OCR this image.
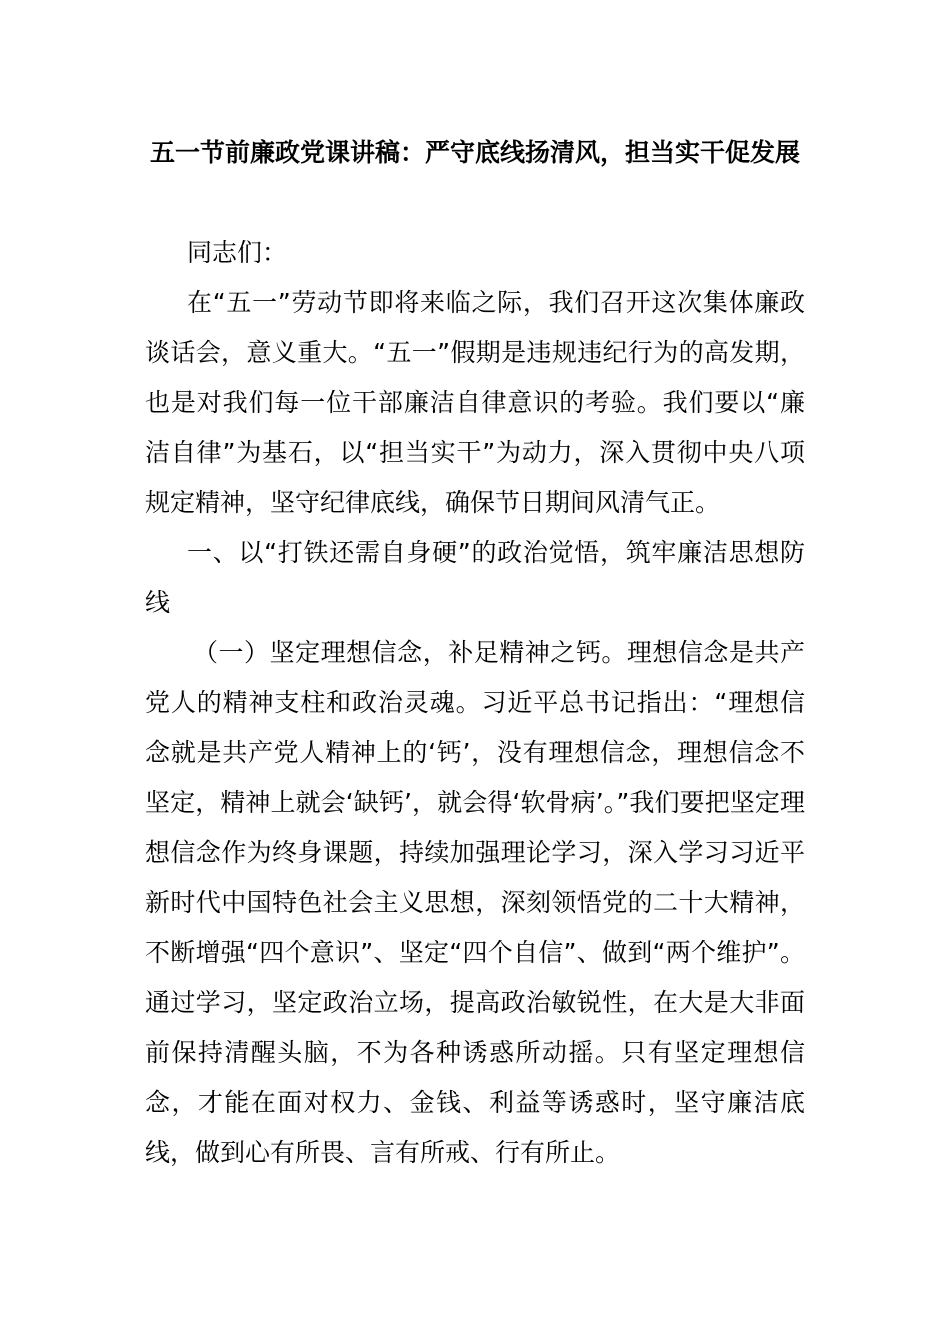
五一节前廉政党课讲稿：严守底线扬清风，担当实干促发展

同志们：

在“五一”劳动节即将来临之际，我们召开这次集体廉政谈话会，意义重大。“五一”假期是违规违纪行为的高发期，也是对我们每一位干部廉洁自律意识的考验。我们要以“廉洁自律”为基石，以“担当实干”为动力，深入贯彻中央八项规定精神，坚守纪律底线，确保节日期间风清气正。

一、以“打铁还需自身硬”的政治觉悟，筑牢廉洁思想防线

（一）坚定理想信念，补足精神之钙。理想信念是共产党人的精神支柱和政治灵魂。习近平总书记指出：“理想信念就是共产党人精神上的‘钙’，没有理想信念，理想信念不坚定，精神上就会‘缺钙’，就会得‘软骨病’。”我们要把坚定理想信念作为终身课题，持续加强理论学习，深入学习习近平新时代中国特色社会主义思想，深刻领悟党的二十大精神，不断增强“四个意识”、坚定“四个自信”、做到“两个维护”。通过学习，坚定政治立场，提高政治敏锐性，在大是大非面前保持清醒头脑，不为各种诱惑所动摇。只有坚定理想信念，才能在面对权力、金钱、利益等诱惑时，坚守廉洁底线，做到心有所畏、言有所戒、行有所止。
